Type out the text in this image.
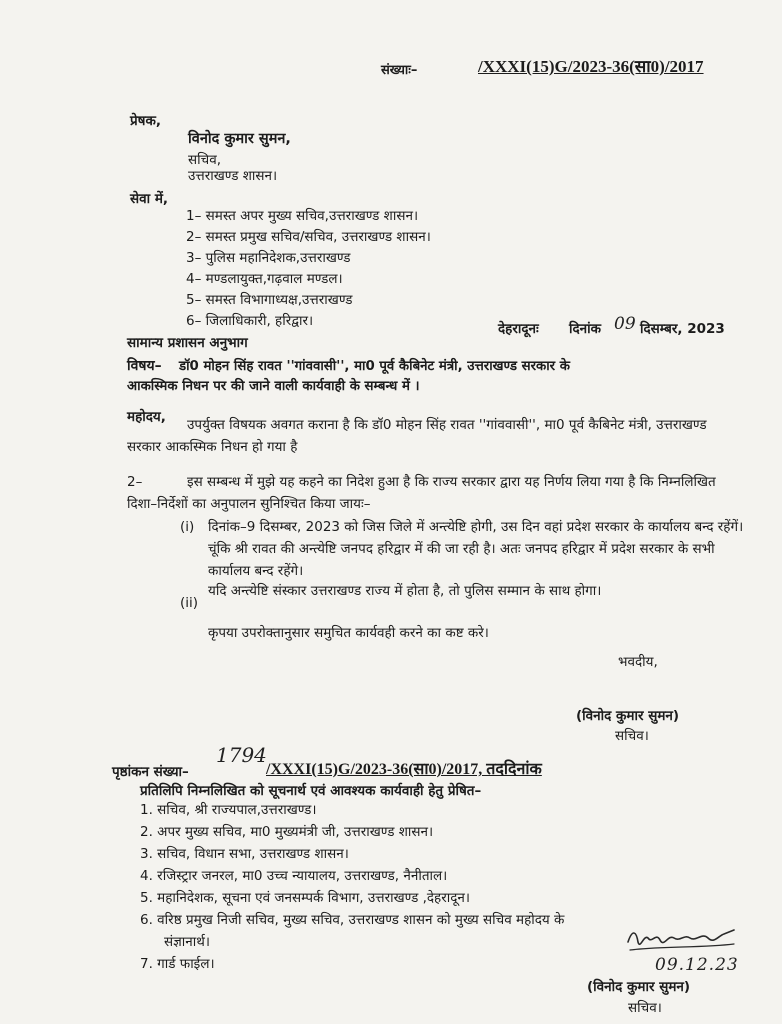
संख्याः–	/XXXI(15)G/2023-36(सा0)/2017
प्रेषक,
विनोद कुमार सुमन,
सचिव,
उत्तराखण्ड शासन।
सेवा में,
1– समस्त अपर मुख्य सचिव,उत्तराखण्ड शासन।
2– समस्त प्रमुख सचिव/सचिव, उत्तराखण्ड शासन।
3– पुलिस महानिदेशक,उत्तराखण्ड
4– मण्डलायुक्त,गढ़वाल मण्डल।
5– समस्त विभागाध्यक्ष,उत्तराखण्ड
6– जिलाधिकारी, हरिद्वार।
सामान्य प्रशासन अनुभाग
देहरादूनः दिनांक 09 दिसम्बर, 2023
विषय– डॉ0 मोहन सिंह रावत ''गांववासी'', मा0 पूर्व कैबिनेट मंत्री, उत्तराखण्ड सरकार के
आकस्मिक निधन पर की जाने वाली कार्यवाही के सम्बन्ध में ।
महोदय,	उपर्युक्त विषयक अवगत कराना है कि डॉ0 मोहन सिंह रावत ''गांववासी'', मा0 पूर्व कैबिनेट मंत्री, उत्तराखण्ड सरकार आकस्मिक निधन हो गया है
2–	इस सम्बन्ध में मुझे यह कहने का निदेश हुआ है कि राज्य सरकार द्वारा यह निर्णय लिया गया है कि निम्नलिखित दिशा–निर्देशों का अनुपालन सुनिश्चित किया जायः–
(i) दिनांक–9 दिसम्बर, 2023 को जिस जिले में अन्त्येष्टि होगी, उस दिन वहां प्रदेश सरकार के कार्यालय बन्द रहेंगें। चूंकि श्री रावत की अन्त्येष्टि जनपद हरिद्वार में की जा रही है। अतः जनपद हरिद्वार में प्रदेश सरकार के सभी कार्यालय बन्द रहेंगे।
(ii)
यदि अन्त्येष्टि संस्कार उत्तराखण्ड राज्य में होता है, तो पुलिस सम्मान के साथ होगा।
कृपया उपरोक्तानुसार समुचित कार्यवही करने का कष्ट करे।
भवदीय,
(विनोद कुमार सुमन)
सचिव।
पृष्ठांकन संख्या–
1794
/XXXI(15)G/2023-36(सा0)/2017, तददिनांक
प्रतिलिपि निम्नलिखित को सूचनार्थ एवं आवश्यक कार्यवाही हेतु प्रेषित–
1. सचिव, श्री राज्यपाल,उत्तराखण्ड।
2. अपर मुख्य सचिव, मा0 मुख्यमंत्री जी, उत्तराखण्ड शासन।
3. सचिव, विधान सभा, उत्तराखण्ड शासन।
4. रजिस्ट्रार जनरल, मा0 उच्च न्यायालय, उत्तराखण्ड, नैनीताल।
5. महानिदेशक, सूचना एवं जनसम्पर्क विभाग, उत्तराखण्ड ,देहरादून।
6. वरिष्ठ प्रमुख निजी सचिव, मुख्य सचिव, उत्तराखण्ड शासन को मुख्य सचिव महोदय के
संज्ञानार्थ।
7. गार्ड फाईल।	09.12.23
(विनोद कुमार सुमन)
सचिव।
